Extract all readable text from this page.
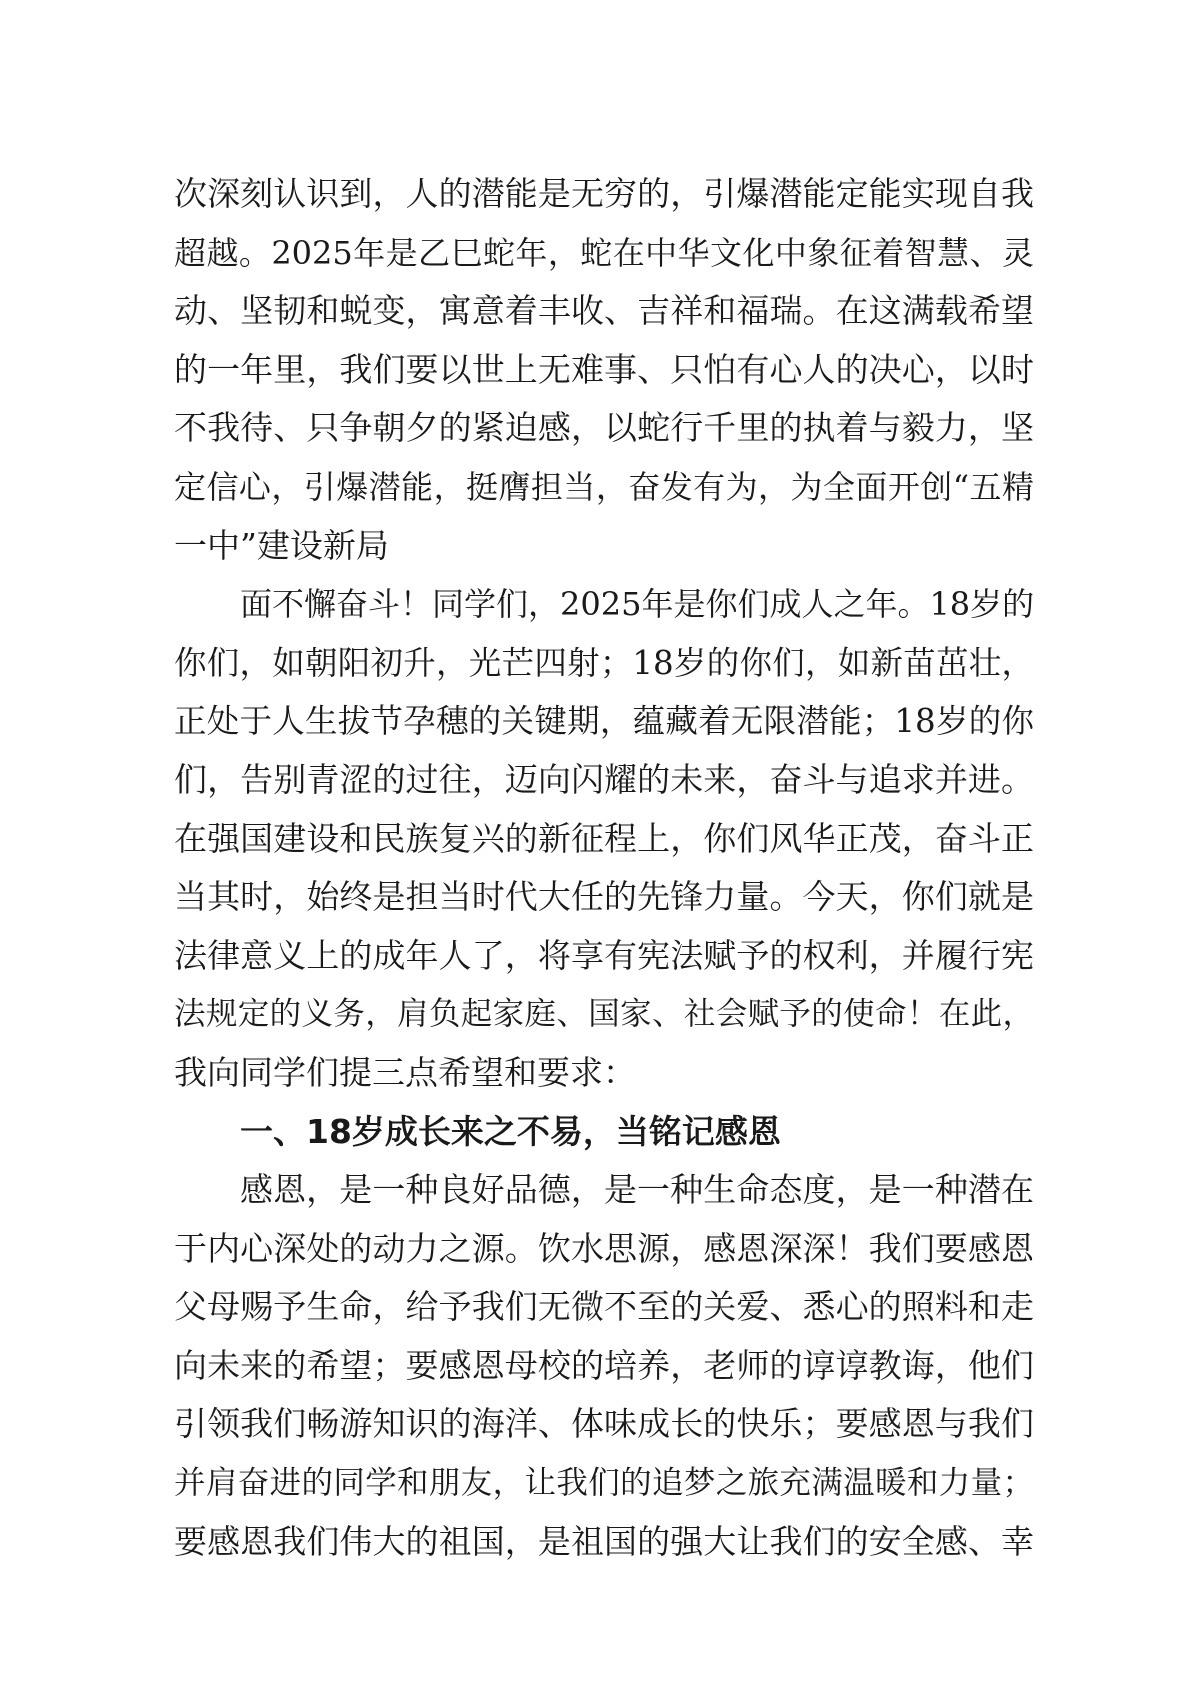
次深刻认识到，人的潜能是无穷的，引爆潜能定能实现自我
超越。2025年是乙巳蛇年，蛇在中华文化中象征着智慧、灵
动、坚韧和蜕变，寓意着丰收、吉祥和福瑞。在这满载希望
的一年里，我们要以世上无难事、只怕有心人的决心，以时
不我待、只争朝夕的紧迫感，以蛇行千里的执着与毅力，坚
定信心，引爆潜能，挺膺担当，奋发有为，为全面开创“五精
一中”建设新局
面不懈奋斗！同学们，2025年是你们成人之年。18岁的
你们，如朝阳初升，光芒四射；18岁的你们，如新苗茁壮，
正处于人生拔节孕穗的关键期，蕴藏着无限潜能；18岁的你
们，告别青涩的过往，迈向闪耀的未来，奋斗与追求并进。
在强国建设和民族复兴的新征程上，你们风华正茂，奋斗正
当其时，始终是担当时代大任的先锋力量。今天，你们就是
法律意义上的成年人了，将享有宪法赋予的权利，并履行宪
法规定的义务，肩负起家庭、国家、社会赋予的使命！在此，
我向同学们提三点希望和要求：
一、18岁成长来之不易，当铭记感恩
感恩，是一种良好品德，是一种生命态度，是一种潜在
于内心深处的动力之源。饮水思源，感恩深深！我们要感恩
父母赐予生命，给予我们无微不至的关爱、悉心的照料和走
向未来的希望；要感恩母校的培养，老师的谆谆教诲，他们
引领我们畅游知识的海洋、体味成长的快乐；要感恩与我们
并肩奋进的同学和朋友，让我们的追梦之旅充满温暖和力量；
要感恩我们伟大的祖国，是祖国的强大让我们的安全感、幸
